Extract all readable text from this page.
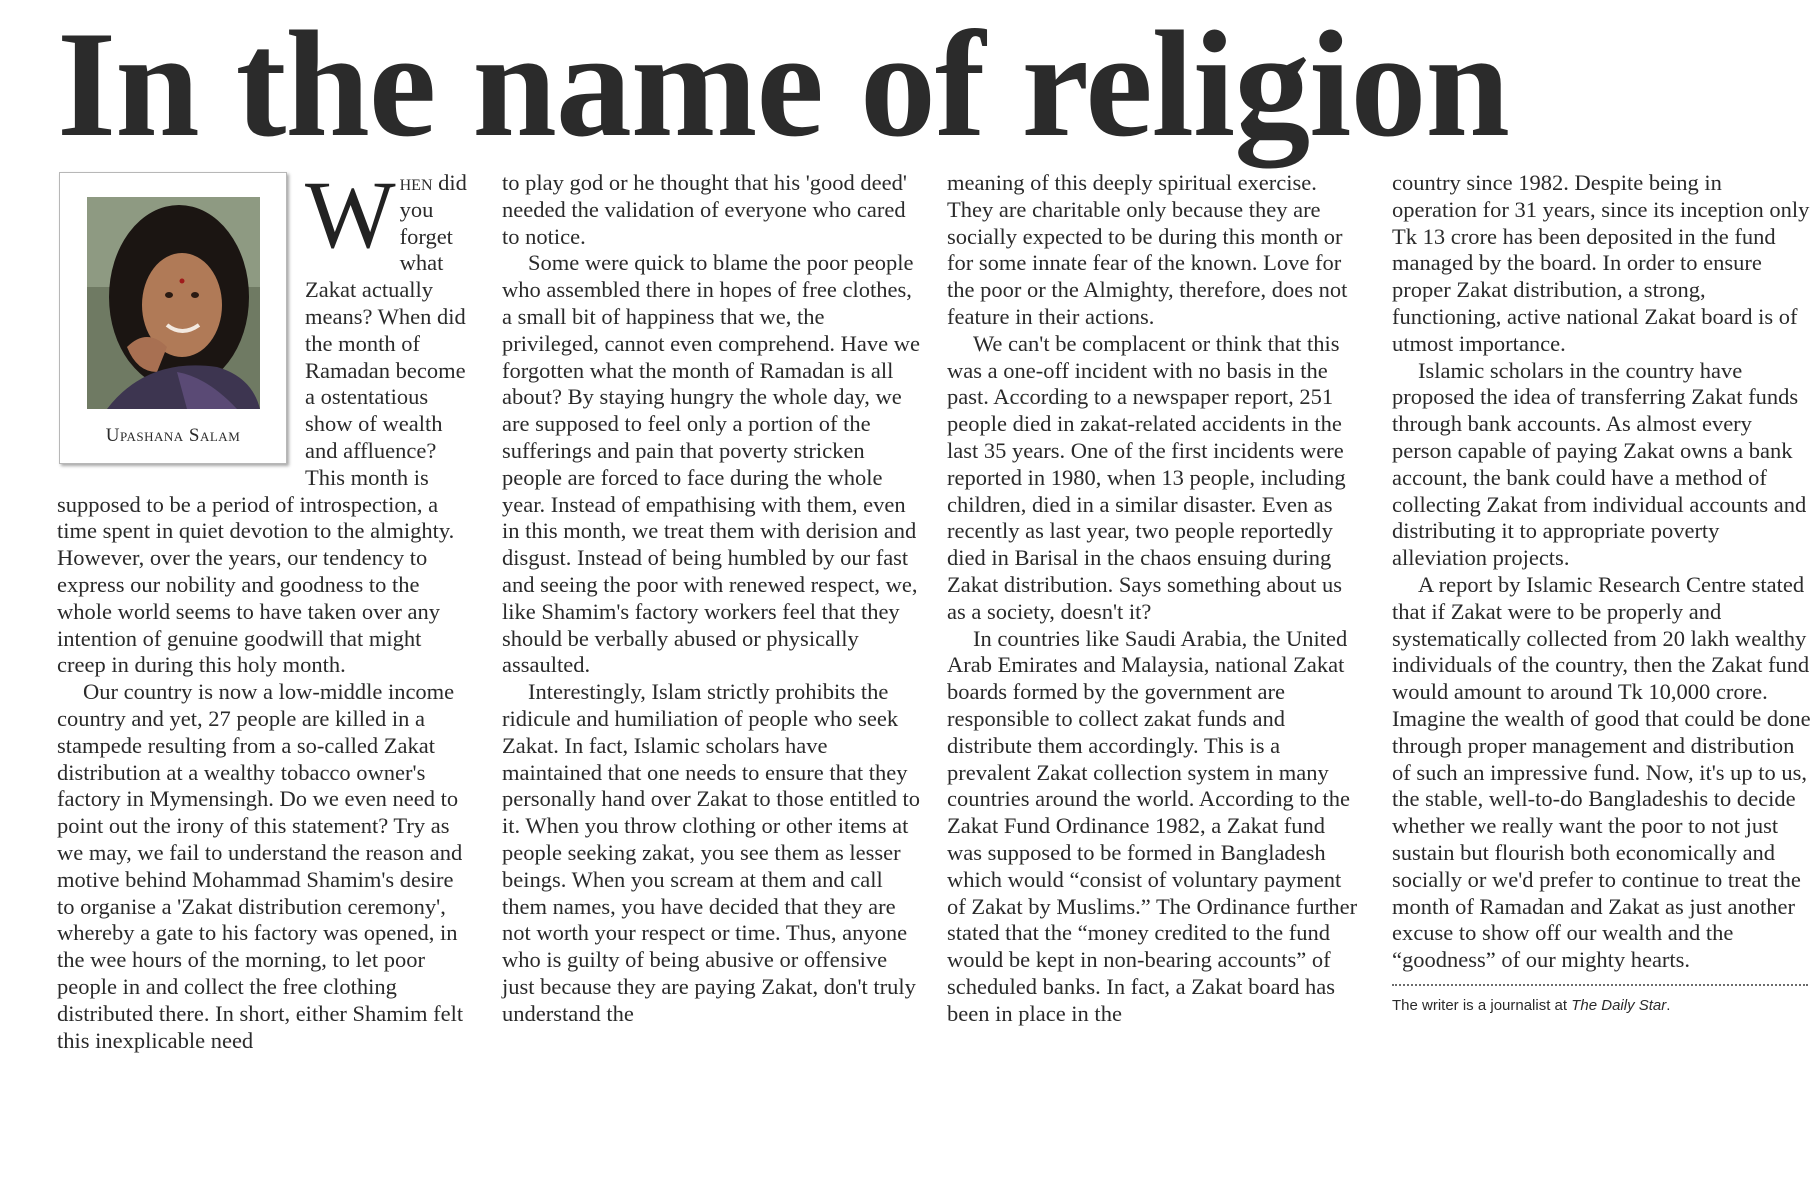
In the name of religion
Upashana Salam

When did you forget what Zakat actually means? When did the month of Ramadan become a ostentatious show of wealth and affluence? This month is supposed to be a period of introspection, a time spent in quiet devotion to the almighty. However, over the years, our tendency to express our nobility and goodness to the whole world seems to have taken over any intention of genuine goodwill that might creep in during this holy month.

Our country is now a low-middle income country and yet, 27 people are killed in a stampede resulting from a so-called Zakat distribution at a wealthy tobacco owner's factory in Mymensingh. Do we even need to point out the irony of this statement? Try as we may, we fail to understand the reason and motive behind Mohammad Shamim's desire to organise a 'Zakat distribution ceremony', whereby a gate to his factory was opened, in the wee hours of the morning, to let poor people in and collect the free clothing distributed there. In short, either Shamim felt this inexplicable need

to play god or he thought that his 'good deed' needed the validation of everyone who cared to notice.

Some were quick to blame the poor people who assembled there in hopes of free clothes, a small bit of happiness that we, the privileged, cannot even comprehend. Have we forgotten what the month of Ramadan is all about? By staying hungry the whole day, we are supposed to feel only a portion of the sufferings and pain that poverty stricken people are forced to face during the whole year. Instead of empathising with them, even in this month, we treat them with derision and disgust. Instead of being humbled by our fast and seeing the poor with renewed respect, we, like Shamim's factory workers feel that they should be verbally abused or physically assaulted.

Interestingly, Islam strictly prohibits the ridicule and humiliation of people who seek Zakat. In fact, Islamic scholars have maintained that one needs to ensure that they personally hand over Zakat to those entitled to it. When you throw clothing or other items at people seeking zakat, you see them as lesser beings. When you scream at them and call them names, you have decided that they are not worth your respect or time. Thus, anyone who is guilty of being abusive or offensive just because they are paying Zakat, don't truly understand the

meaning of this deeply spiritual exercise. They are charitable only because they are socially expected to be during this month or for some innate fear of the known. Love for the poor or the Almighty, therefore, does not feature in their actions.

We can't be complacent or think that this was a one-off incident with no basis in the past. According to a newspaper report, 251 people died in zakat-related accidents in the last 35 years. One of the first incidents were reported in 1980, when 13 people, including children, died in a similar disaster. Even as recently as last year, two people reportedly died in Barisal in the chaos ensuing during Zakat distribution. Says something about us as a society, doesn't it?

In countries like Saudi Arabia, the United Arab Emirates and Malaysia, national Zakat boards formed by the government are responsible to collect zakat funds and distribute them accordingly. This is a prevalent Zakat collection system in many countries around the world. According to the Zakat Fund Ordinance 1982, a Zakat fund was supposed to be formed in Bangladesh which would “consist of voluntary payment of Zakat by Muslims.” The Ordinance further stated that the “money credited to the fund would be kept in non-bearing accounts” of scheduled banks. In fact, a Zakat board has been in place in the

country since 1982. Despite being in operation for 31 years, since its inception only Tk 13 crore has been deposited in the fund managed by the board. In order to ensure proper Zakat distribution, a strong, functioning, active national Zakat board is of utmost importance.

Islamic scholars in the country have proposed the idea of transferring Zakat funds through bank accounts. As almost every person capable of paying Zakat owns a bank account, the bank could have a method of collecting Zakat from individual accounts and distributing it to appropriate poverty alleviation projects.

A report by Islamic Research Centre stated that if Zakat were to be properly and systematically collected from 20 lakh wealthy individuals of the country, then the Zakat fund would amount to around Tk 10,000 crore. Imagine the wealth of good that could be done through proper management and distribution of such an impressive fund. Now, it's up to us, the stable, well-to-do Bangladeshis to decide whether we really want the poor to not just sustain but flourish both economically and socially or we'd prefer to continue to treat the month of Ramadan and Zakat as just another excuse to show off our wealth and the “goodness” of our mighty hearts.

The writer is a journalist at The Daily Star.
